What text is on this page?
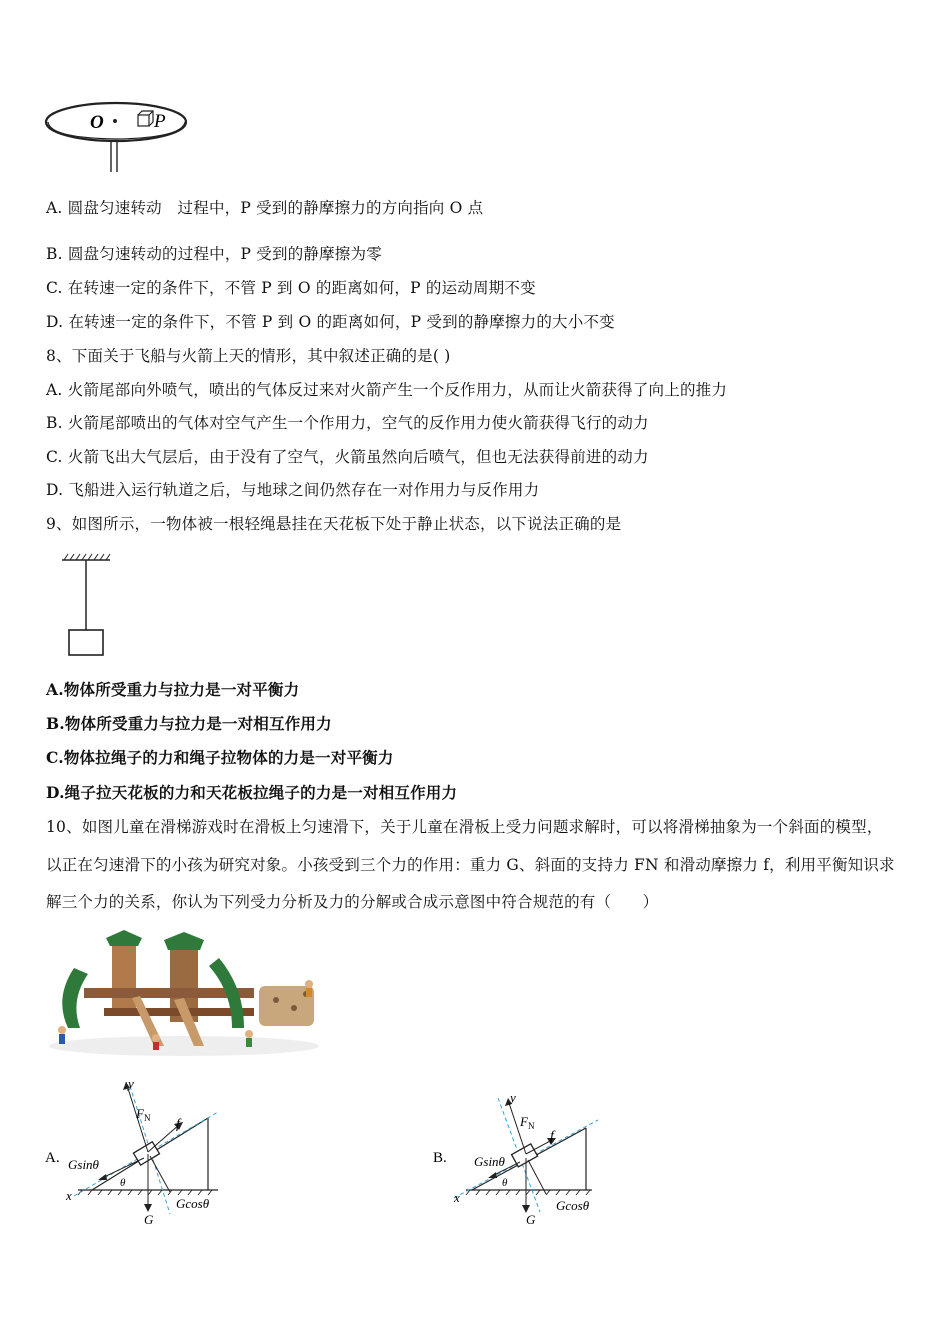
O	P
A. 圆盘匀速转动　过程中，P 受到的静摩擦力的方向指向 O 点
B. 圆盘匀速转动的过程中，P 受到的静摩擦为零
C. 在转速一定的条件下，不管 P 到 O 的距离如何，P 的运动周期不变
D. 在转速一定的条件下，不管 P 到 O 的距离如何，P 受到的静摩擦力的大小不变
8、下面关于飞船与火箭上天的情形，其中叙述正确的是( )
A. 火箭尾部向外喷气，喷出的气体反过来对火箭产生一个反作用力，从而让火箭获得了向上的推力
B. 火箭尾部喷出的气体对空气产生一个作用力，空气的反作用力使火箭获得飞行的动力
C. 火箭飞出大气层后，由于没有了空气，火箭虽然向后喷气，但也无法获得前进的动力
D. 飞船进入运行轨道之后，与地球之间仍然存在一对作用力与反作用力
9、如图所示，一物体被一根轻绳悬挂在天花板下处于静止状态，以下说法正确的是
A.物体所受重力与拉力是一对平衡力
B.物体所受重力与拉力是一对相互作用力
C.物体拉绳子的力和绳子拉物体的力是一对平衡力
D.绳子拉天花板的力和天花板拉绳子的力是一对相互作用力
10、如图儿童在滑梯游戏时在滑板上匀速滑下，关于儿童在滑板上受力问题求解时，可以将滑梯抽象为一个斜面的模型，
以正在匀速滑下的小孩为研究对象。小孩受到三个力的作用：重力 G、斜面的支持力 FN 和滑动摩擦力 f，利用平衡知识求
解三个力的关系，你认为下列受力分析及力的分解或合成示意图中符合规范的有（　　）
A.
y
F N f
Gsinθ
θ
x
G
Gcosθ
B.
y
F N
f
Gsinθ
θ
x
G
Gcosθ
